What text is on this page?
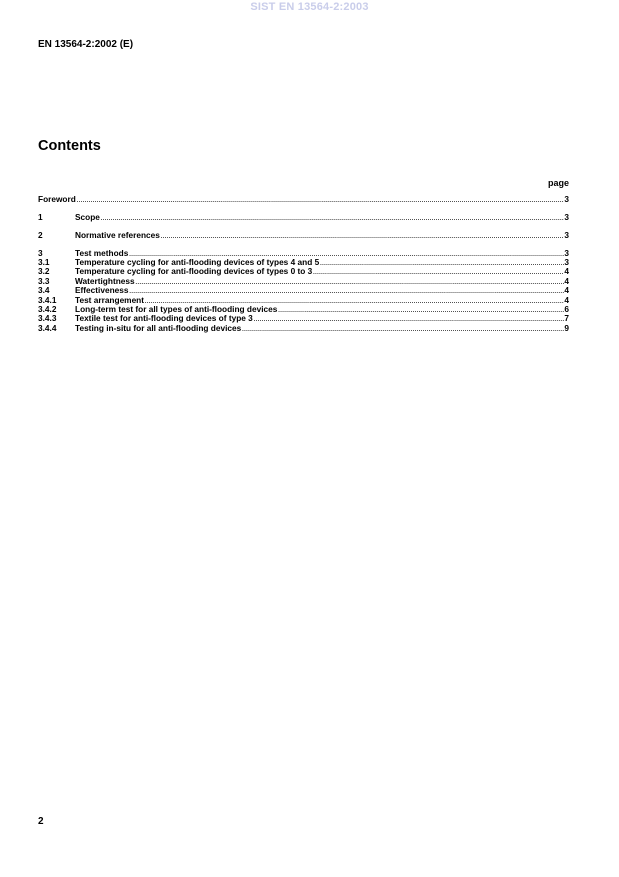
SIST EN 13564-2:2003
EN 13564-2:2002 (E)
Contents
page
Foreword .....	3
1	Scope .....	3
2	Normative references .....	3
3	Test methods .....	3
3.1	Temperature cycling for anti-flooding devices of types 4 and 5 .....	3
3.2	Temperature cycling for anti-flooding devices of types 0 to 3 .....	4
3.3	Watertightness .....	4
3.4	Effectiveness .....	4
3.4.1	Test arrangement .....	4
3.4.2	Long-term test for all types of anti-flooding devices .....	6
3.4.3	Textile test for anti-flooding devices of type 3 .....	7
3.4.4	Testing in-situ for all anti-flooding devices .....	9
2
